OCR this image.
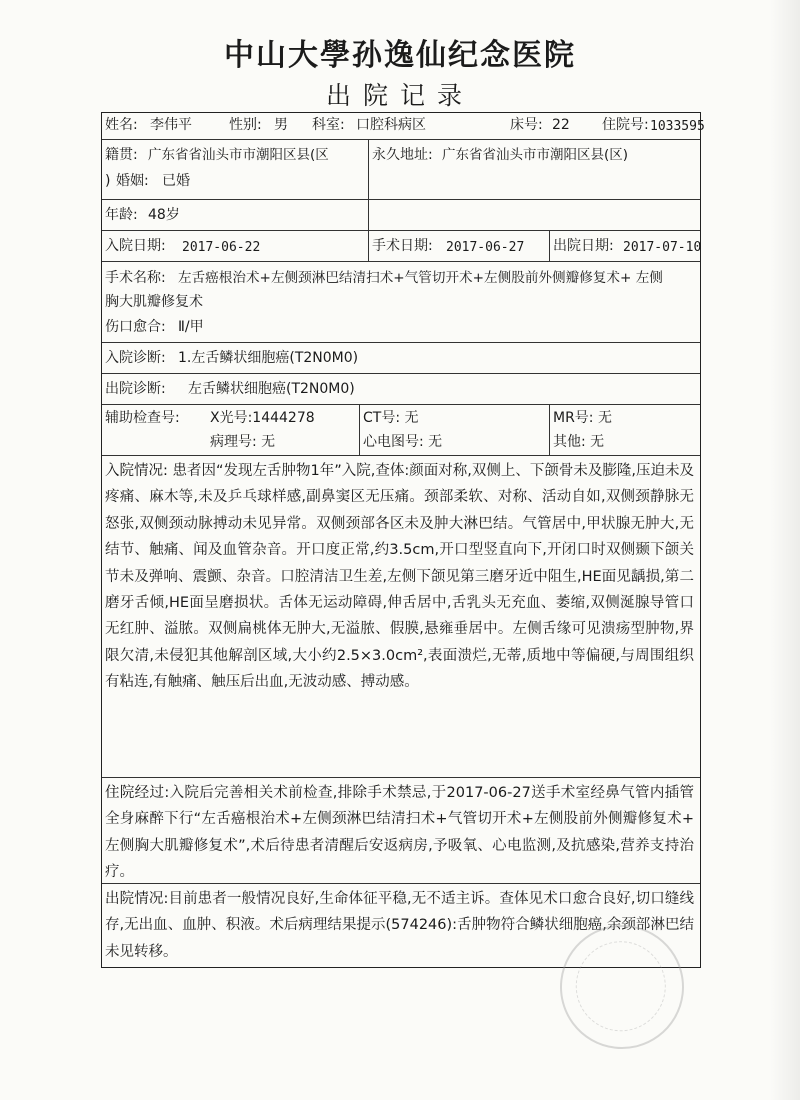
中山大學孙逸仙纪念医院
出院记录
姓名: 李伟平	性别: 男 科室: 口腔科病区	床号: 22 住院号: 1033595
籍贯: 广东省省汕头市市潮阳区县(区
) 婚姻: 已婚
永久地址: 广东省省汕头市市潮阳区县(区)
年龄: 48岁
入院日期: 2017-06-22	手术日期: 2017-06-27 出院日期: 2017-07-10
手术名称: 左舌癌根治术+左侧颈淋巴结清扫术+气管切开术+左侧股前外侧瓣修复术+ 左侧
胸大肌瓣修复术
伤口愈合: Ⅱ/甲
入院诊断: 1.左舌鳞状细胞癌(T2N0M0)
出院诊断: 左舌鳞状细胞癌(T2N0M0)
辅助检查号: X光号:1444278
病理号: 无
CT号: 无
心电图号: 无
MR号: 无
其他: 无
入院情况: 患者因“发现左舌肿物1年”入院,查体:颜面对称,双侧上、下颌骨未及膨隆,压迫未及疼痛、麻木等,未及乒乓球样感,副鼻窦区无压痛。颈部柔软、对称、活动自如,双侧颈静脉无怒张,双侧颈动脉搏动未见异常。双侧颈部各区未及肿大淋巴结。气管居中,甲状腺无肿大,无结节、触痛、闻及血管杂音。开口度正常,约3.5cm,开口型竖直向下,开闭口时双侧颞下颌关节未及弹响、震颤、杂音。口腔清洁卫生差,左侧下颌见第三磨牙近中阻生,HE面见龋损,第二磨牙舌倾,HE面呈磨损状。舌体无运动障碍,伸舌居中,舌乳头无充血、萎缩,双侧涎腺导管口无红肿、溢脓。双侧扁桃体无肿大,无溢脓、假膜,悬雍垂居中。左侧舌缘可见溃疡型肿物,界限欠清,未侵犯其他解剖区域,大小约2.5×3.0cm²,表面溃烂,无蒂,质地中等偏硬,与周围组织有粘连,有触痛、触压后出血,无波动感、搏动感。
住院经过:入院后完善相关术前检查,排除手术禁忌,于2017-06-27送手术室经鼻气管内插管全身麻醉下行“左舌癌根治术+左侧颈淋巴结清扫术+气管切开术+左侧股前外侧瓣修复术+ 左侧胸大肌瓣修复术”,术后待患者清醒后安返病房,予吸氧、心电监测,及抗感染,营养支持治疗。
出院情况:目前患者一般情况良好,生命体征平稳,无不适主诉。查体见术口愈合良好,切口缝线存,无出血、血肿、积液。术后病理结果提示(574246):舌肿物符合鳞状细胞癌,余颈部淋巴结未见转移。
